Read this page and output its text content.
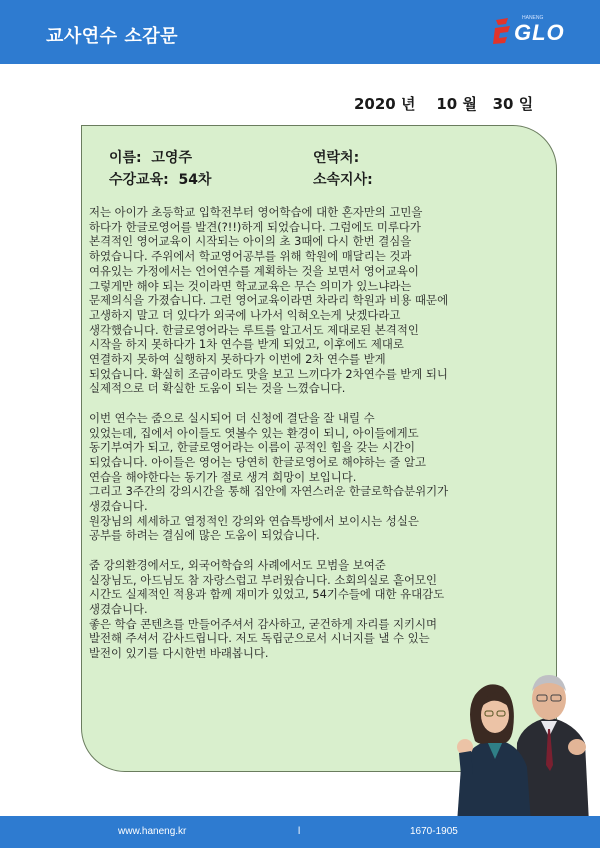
교사연수 소감문
HANENG
GLO
2020 년 10 월 30 일
이름: 고영주
수강교육: 54차
연락처:
소속지사:
저는 아이가 초등학교 입학전부터 영어학습에 대한 혼자만의 고민을
하다가 한글로영어를 발견(?!!)하게 되었습니다. 그럼에도 미루다가
본격적인 영어교육이 시작되는 아이의 초 3때에 다시 한번 결심을
하였습니다. 주위에서 학교영어공부를 위해 학원에 매달리는 것과
여유있는 가정에서는 언어연수를 계획하는 것을 보면서 영어교육이
그렇게만 해야 되는 것이라면 학교교육은 무슨 의미가 있느냐라는
문제의식을 가졌습니다. 그런 영어교육이라면 차라리 학원과 비용 때문에
고생하지 말고 더 있다가 외국에 나가서 익혀오는게 낫겠다라고
생각했습니다. 한글로영어라는 루트를 알고서도 제대로된 본격적인
시작을 하지 못하다가 1차 연수를 받게 되었고, 이후에도 제대로
연결하지 못하여 실행하지 못하다가 이번에 2차 연수를 받게
되었습니다. 확실히 조금이라도 맛을 보고 느끼다가 2차연수를 받게 되니
실제적으로 더 확실한 도움이 되는 것을 느꼈습니다.
이번 연수는 줌으로 실시되어 더 신청에 결단을 잘 내릴 수
있었는데, 집에서 아이들도 엿볼수 있는 환경이 되니, 아이들에게도
동기부여가 되고, 한글로영어라는 이름이 공적인 힘을 갖는 시간이
되었습니다. 아이들은 영어는 당연히 한글로영어로 해야하는 줄 알고
연습을 해야한다는 동기가 절로 생겨 희망이 보입니다.
그리고 3주간의 강의시간을 통해 집안에 자연스러운 한글로학습분위기가
생겼습니다.
원장님의 세세하고 열정적인 강의와 연습특방에서 보이시는 성실은
공부를 하려는 결심에 많은 도움이 되었습니다.
줌 강의환경에서도, 외국어학습의 사례에서도 모범을 보여준
실장님도, 아드님도 참 자랑스럽고 부러웠습니다. 소회의실로 흩어모인
시간도 실제적인 적용과 함께 재미가 있었고, 54기수들에 대한 유대감도
생겼습니다.
좋은 학습 콘텐츠를 만들어주셔서 감사하고, 굳건하게 자리를 지키시며
발전해 주셔서 감사드립니다. 저도 독립군으로서 시너지를 낼 수 있는
발전이 있기를 다시한번 바래봅니다.
www.haneng.kr	l	1670-1905
